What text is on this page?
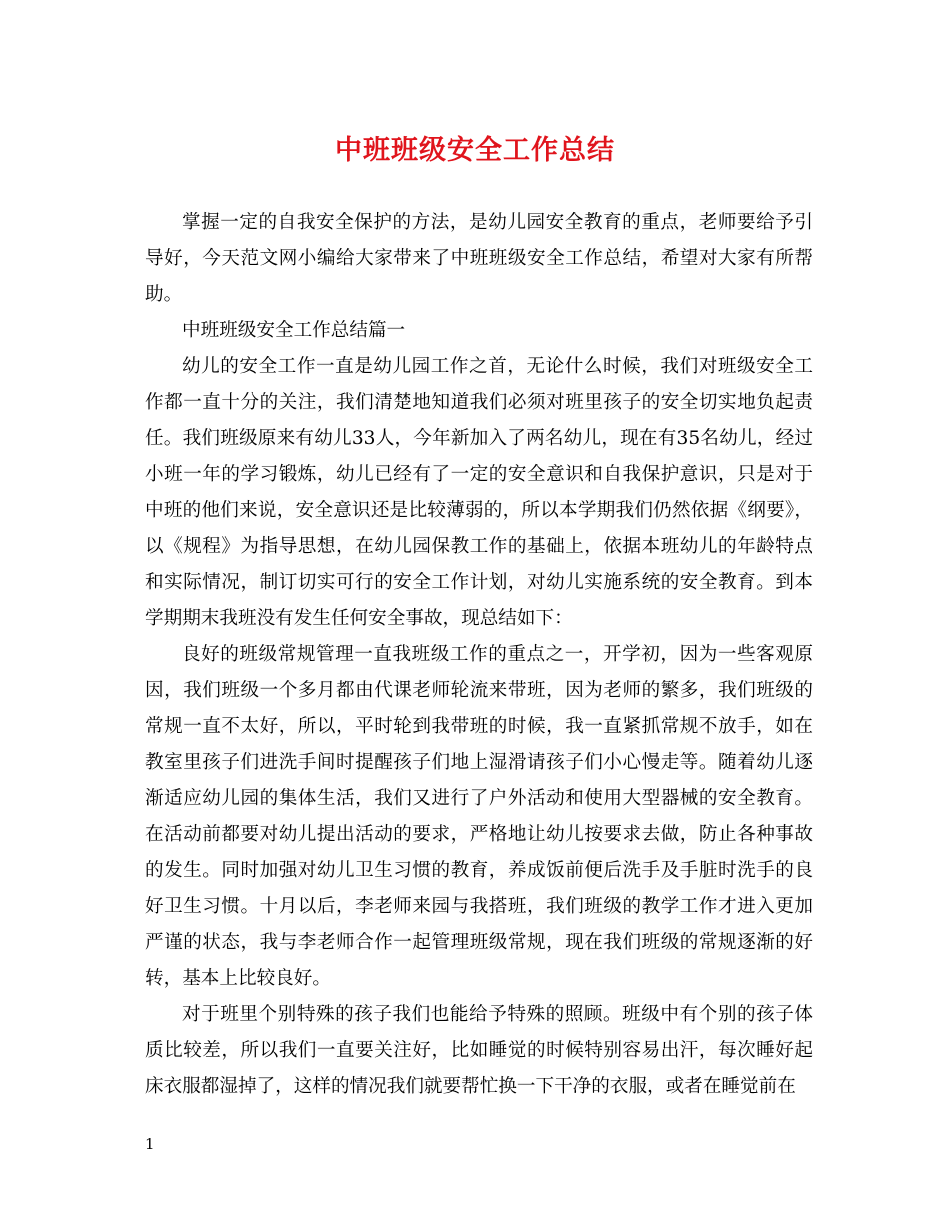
中班班级安全工作总结

掌握一定的自我安全保护的方法，是幼儿园安全教育的重点，老师要给予引导好，今天范文网小编给大家带来了中班班级安全工作总结，希望对大家有所帮助。

中班班级安全工作总结篇一

幼儿的安全工作一直是幼儿园工作之首，无论什么时候，我们对班级安全工作都一直十分的关注，我们清楚地知道我们必须对班里孩子的安全切实地负起责任。我们班级原来有幼儿33人，今年新加入了两名幼儿，现在有35名幼儿，经过小班一年的学习锻炼，幼儿已经有了一定的安全意识和自我保护意识，只是对于中班的他们来说，安全意识还是比较薄弱的，所以本学期我们仍然依据《纲要》，以《规程》为指导思想，在幼儿园保教工作的基础上，依据本班幼儿的年龄特点和实际情况，制订切实可行的安全工作计划，对幼儿实施系统的安全教育。到本学期期末我班没有发生任何安全事故，现总结如下：

良好的班级常规管理一直我班级工作的重点之一，开学初，因为一些客观原因，我们班级一个多月都由代课老师轮流来带班，因为老师的繁多，我们班级的常规一直不太好，所以，平时轮到我带班的时候，我一直紧抓常规不放手，如在教室里孩子们进洗手间时提醒孩子们地上湿滑请孩子们小心慢走等。随着幼儿逐渐适应幼儿园的集体生活，我们又进行了户外活动和使用大型器械的安全教育。在活动前都要对幼儿提出活动的要求，严格地让幼儿按要求去做，防止各种事故的发生。同时加强对幼儿卫生习惯的教育，养成饭前便后洗手及手脏时洗手的良好卫生习惯。十月以后，李老师来园与我搭班，我们班级的教学工作才进入更加严谨的状态，我与李老师合作一起管理班级常规，现在我们班级的常规逐渐的好转，基本上比较良好。

对于班里个别特殊的孩子我们也能给予特殊的照顾。班级中有个别的孩子体质比较差，所以我们一直要关注好，比如睡觉的时候特别容易出汗，每次睡好起床衣服都湿掉了，这样的情况我们就要帮忙换一下干净的衣服，或者在睡觉前在

1
